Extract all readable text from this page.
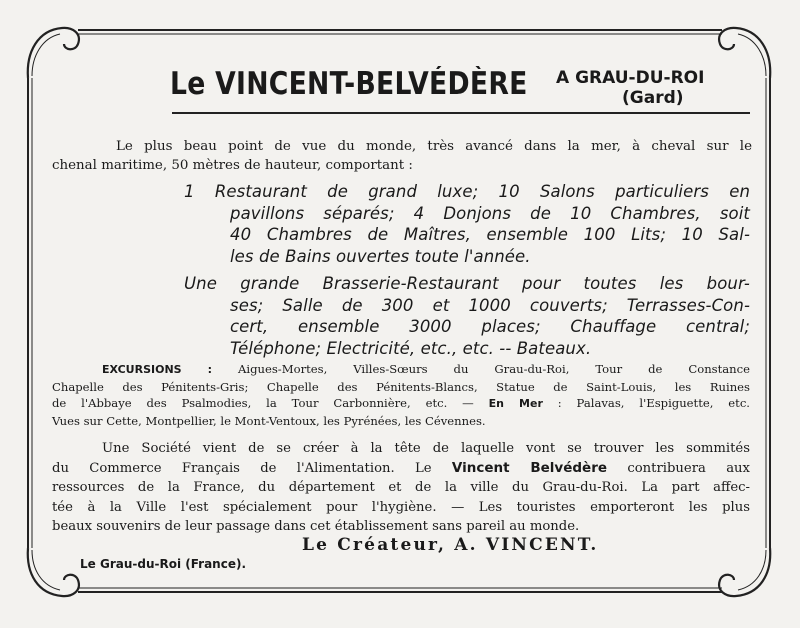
Le VINCENT-BELVÉDÈRE A GRAU-DU-ROI
(Gard)
Le plus beau point de vue du monde, très avancé dans la mer, à cheval sur le
chenal maritime, 50 mètres de hauteur, comportant :
1 Restaurant de grand luxe; 10 Salons particuliers en
pavillons séparés; 4 Donjons de 10 Chambres, soit
40 Chambres de Maîtres, ensemble 100 Lits; 10 Sal-
les de Bains ouvertes toute l'année.
Une grande Brasserie-Restaurant pour toutes les bour-
ses; Salle de 300 et 1000 couverts; Terrasses-Con-
cert, ensemble 3000 places; Chauffage central;
Téléphone; Electricité, etc., etc. -- Bateaux.
EXCURSIONS : Aigues-Mortes, Villes-Sœurs du Grau-du-Roi, Tour de Constance
Chapelle des Pénitents-Gris; Chapelle des Pénitents-Blancs, Statue de Saint-Louis, les Ruines
de l'Abbaye des Psalmodies, la Tour Carbonnière, etc. — En Mer : Palavas, l'Espiguette, etc.
Vues sur Cette, Montpellier, le Mont-Ventoux, les Pyrénées, les Cévennes.
Une Société vient de se créer à la tête de laquelle vont se trouver les sommités
du Commerce Français de l'Alimentation. Le Vincent Belvédère contribuera aux
ressources de la France, du département et de la ville du Grau-du-Roi. La part affec-
tée à la Ville l'est spécialement pour l'hygiène. — Les touristes emporteront les plus
beaux souvenirs de leur passage dans cet établissement sans pareil au monde.
Le Créateur, A. VINCENT.
Le Grau-du-Roi (France).
